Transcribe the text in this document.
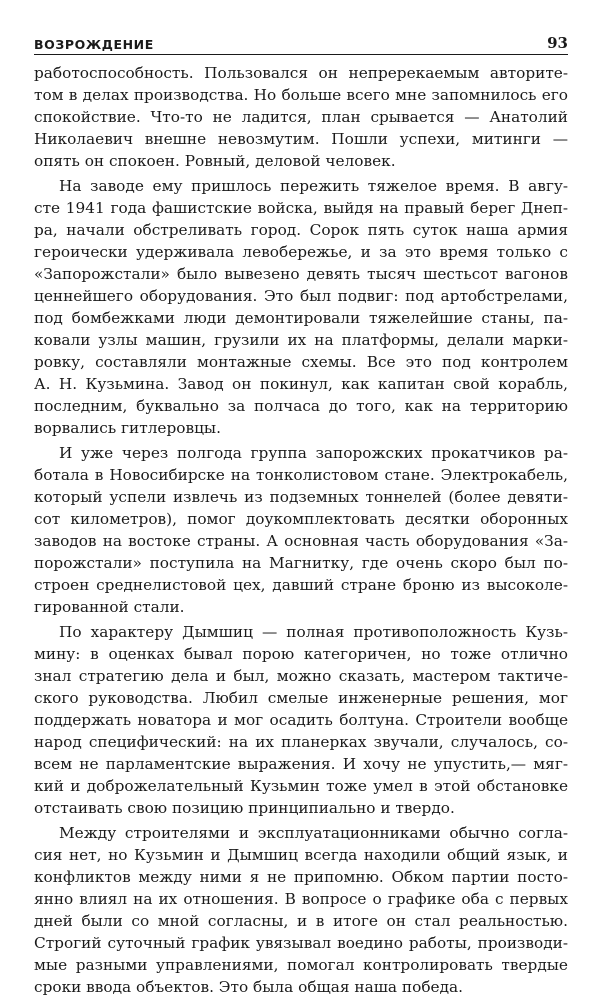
ВОЗРОЖДЕНИЕ	93
работоспособность. Пользовался он непререкаемым авторите-
том в делах производства. Но больше всего мне запомнилось его
спокойствие. Что-то не ладится, план срывается — Анатолий
Николаевич внешне невозмутим. Пошли успехи, митинги —
опять он спокоен. Ровный, деловой человек.
На заводе ему пришлось пережить тяжелое время. В авгу-
сте 1941 года фашистские войска, выйдя на правый берег Днеп-
ра, начали обстреливать город. Сорок пять суток наша армия
героически удерживала левобережье, и за это время только с
«Запорожстали» было вывезено девять тысяч шестьсот вагонов
ценнейшего оборудования. Это был подвиг: под артобстрелами,
под бомбежками люди демонтировали тяжелейшие станы, па-
ковали узлы машин, грузили их на платформы, делали марки-
ровку, составляли монтажные схемы. Все это под контролем
А. Н. Кузьмина. Завод он покинул, как капитан свой корабль,
последним, буквально за полчаса до того, как на территорию
ворвались гитлеровцы.
И уже через полгода группа запорожских прокатчиков ра-
ботала в Новосибирске на тонколистовом стане. Электрокабель,
который успели извлечь из подземных тоннелей (более девяти-
сот километров), помог доукомплектовать десятки оборонных
заводов на востоке страны. А основная часть оборудования «За-
порожстали» поступила на Магнитку, где очень скоро был по-
строен среднелистовой цех, давший стране броню из высоколе-
гированной стали.
По характеру Дымшиц — полная противоположность Кузь-
мину: в оценках бывал порою категоричен, но тоже отлично
знал стратегию дела и был, можно сказать, мастером тактиче-
ского руководства. Любил смелые инженерные решения, мог
поддержать новатора и мог осадить болтуна. Строители вообще
народ специфический: на их планерках звучали, случалось, со-
всем не парламентские выражения. И хочу не упустить,— мяг-
кий и доброжелательный Кузьмин тоже умел в этой обстановке
отстаивать свою позицию принципиально и твердо.
Между строителями и эксплуатационниками обычно согла-
сия нет, но Кузьмин и Дымшиц всегда находили общий язык, и
конфликтов между ними я не припомню. Обком партии посто-
янно влиял на их отношения. В вопросе о графике оба с первых
дней были со мной согласны, и в итоге он стал реальностью.
Строгий суточный график увязывал воедино работы, производи-
мые разными управлениями, помогал контролировать твердые
сроки ввода объектов. Это была общая наша победа.
